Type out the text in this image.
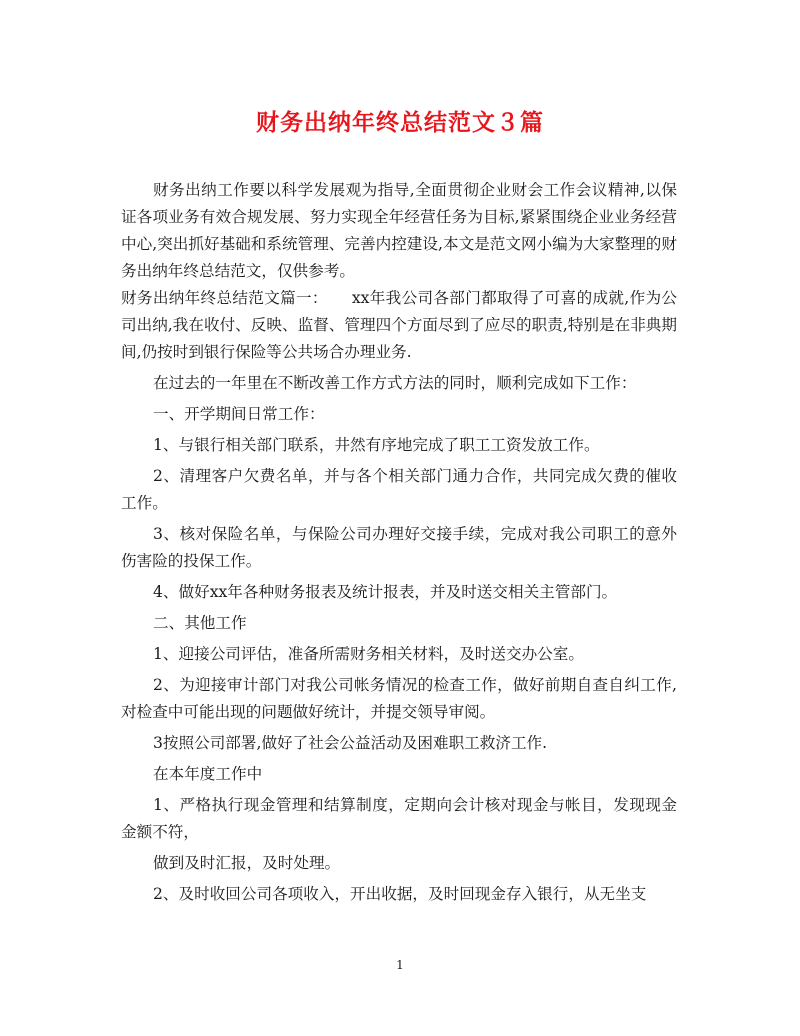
财务出纳年终总结范文３篇

财务出纳工作要以科学发展观为指导,全面贯彻企业财会工作会议精神,以保证各项业务有效合规发展、努力实现全年经营任务为目标,紧紧围绕企业业务经营中心,突出抓好基础和系统管理、完善内控建设,本文是范文网小编为大家整理的财务出纳年终总结范文，仅供参考。

财务出纳年终总结范文篇一：　　xx年我公司各部门都取得了可喜的成就,作为公司出纳,我在收付、反映、监督、管理四个方面尽到了应尽的职责,特别是在非典期间,仍按时到银行保险等公共场合办理业务.

在过去的一年里在不断改善工作方式方法的同时，顺利完成如下工作：

一、开学期间日常工作：

1、与银行相关部门联系，井然有序地完成了职工工资发放工作。

2、清理客户欠费名单，并与各个相关部门通力合作，共同完成欠费的催收工作。

3、核对保险名单，与保险公司办理好交接手续，完成对我公司职工的意外伤害险的投保工作。

4、做好xx年各种财务报表及统计报表，并及时送交相关主管部门。

二、其他工作

1、迎接公司评估，准备所需财务相关材料，及时送交办公室。

2、为迎接审计部门对我公司帐务情况的检查工作，做好前期自查自纠工作,对检查中可能出现的问题做好统计，并提交领导审阅。

3按照公司部署,做好了社会公益活动及困难职工救济工作.

在本年度工作中

1、严格执行现金管理和结算制度，定期向会计核对现金与帐目，发现现金金额不符，

做到及时汇报，及时处理。

2、及时收回公司各项收入，开出收据，及时回现金存入银行，从无坐支

1
